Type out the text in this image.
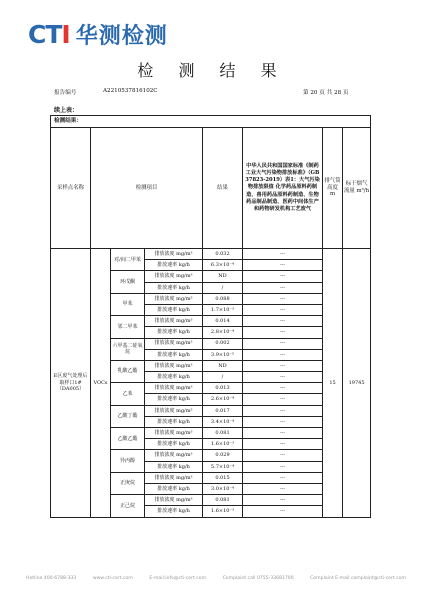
CTI 华测检测
检 测 结 果
报告编号	A2210537816102C	第 20 页 共 28 页
续上表：
检测结果：							
采样点名称	检测项目			结果	中华人民共和国国家标准《制药工业大气污染物排放标准》（GB 37823-2019）表1：大气污染物排放限值 化学药品原料药制造、兽用药品原料药制造、生物药品制品制造、医药中间体生产和药物研发机构工艺废气	排气筒高度 m	标干烟气流量 m³/h
E区废气处理后取样口1#（DA005）	VOCs	对/间二甲苯	排放浓度 mg/m³	0.032	---	15	19745
			排放速率 kg/h	6.3×10⁻⁴	---		
		环戊酮	排放浓度 mg/m³	ND	---		
			排放速率 kg/h	/	---		
		甲苯	排放浓度 mg/m³	0.088	---		
			排放速率 kg/h	1.7×10⁻³	---		
		邻二甲苯	排放浓度 mg/m³	0.014	---		
			排放速率 kg/h	2.8×10⁻⁴	---		
		六甲基二硅氧烷	排放浓度 mg/m³	0.002	---		
			排放速率 kg/h	3.9×10⁻⁵	---		
		乳酸乙酯	排放浓度 mg/m³	ND	---		
			排放速率 kg/h	/	---		
		乙苯	排放浓度 mg/m³	0.013	---		
			排放速率 kg/h	2.6×10⁻⁴	---		
		乙酸丁酯	排放浓度 mg/m³	0.017	---		
			排放速率 kg/h	3.4×10⁻⁴	---		
		乙酸乙酯	排放浓度 mg/m³	0.081	---		
			排放速率 kg/h	1.6×10⁻³	---		
		异丙醇	排放浓度 mg/m³	0.029	---		
			排放速率 kg/h	5.7×10⁻⁴	---		
		正庚烷	排放浓度 mg/m³	0.015	---		
			排放速率 kg/h	3.0×10⁻⁴	---		
		正己烷	排放浓度 mg/m³	0.081	---		
			排放速率 kg/h	1.6×10⁻³	---		
Hotline 400-6788-333	www.cti-cert.com	E-mail:info@cti-cert.com	Complaint call 0755-33681700	Complaint E-mail complaint@cti-cert.com
